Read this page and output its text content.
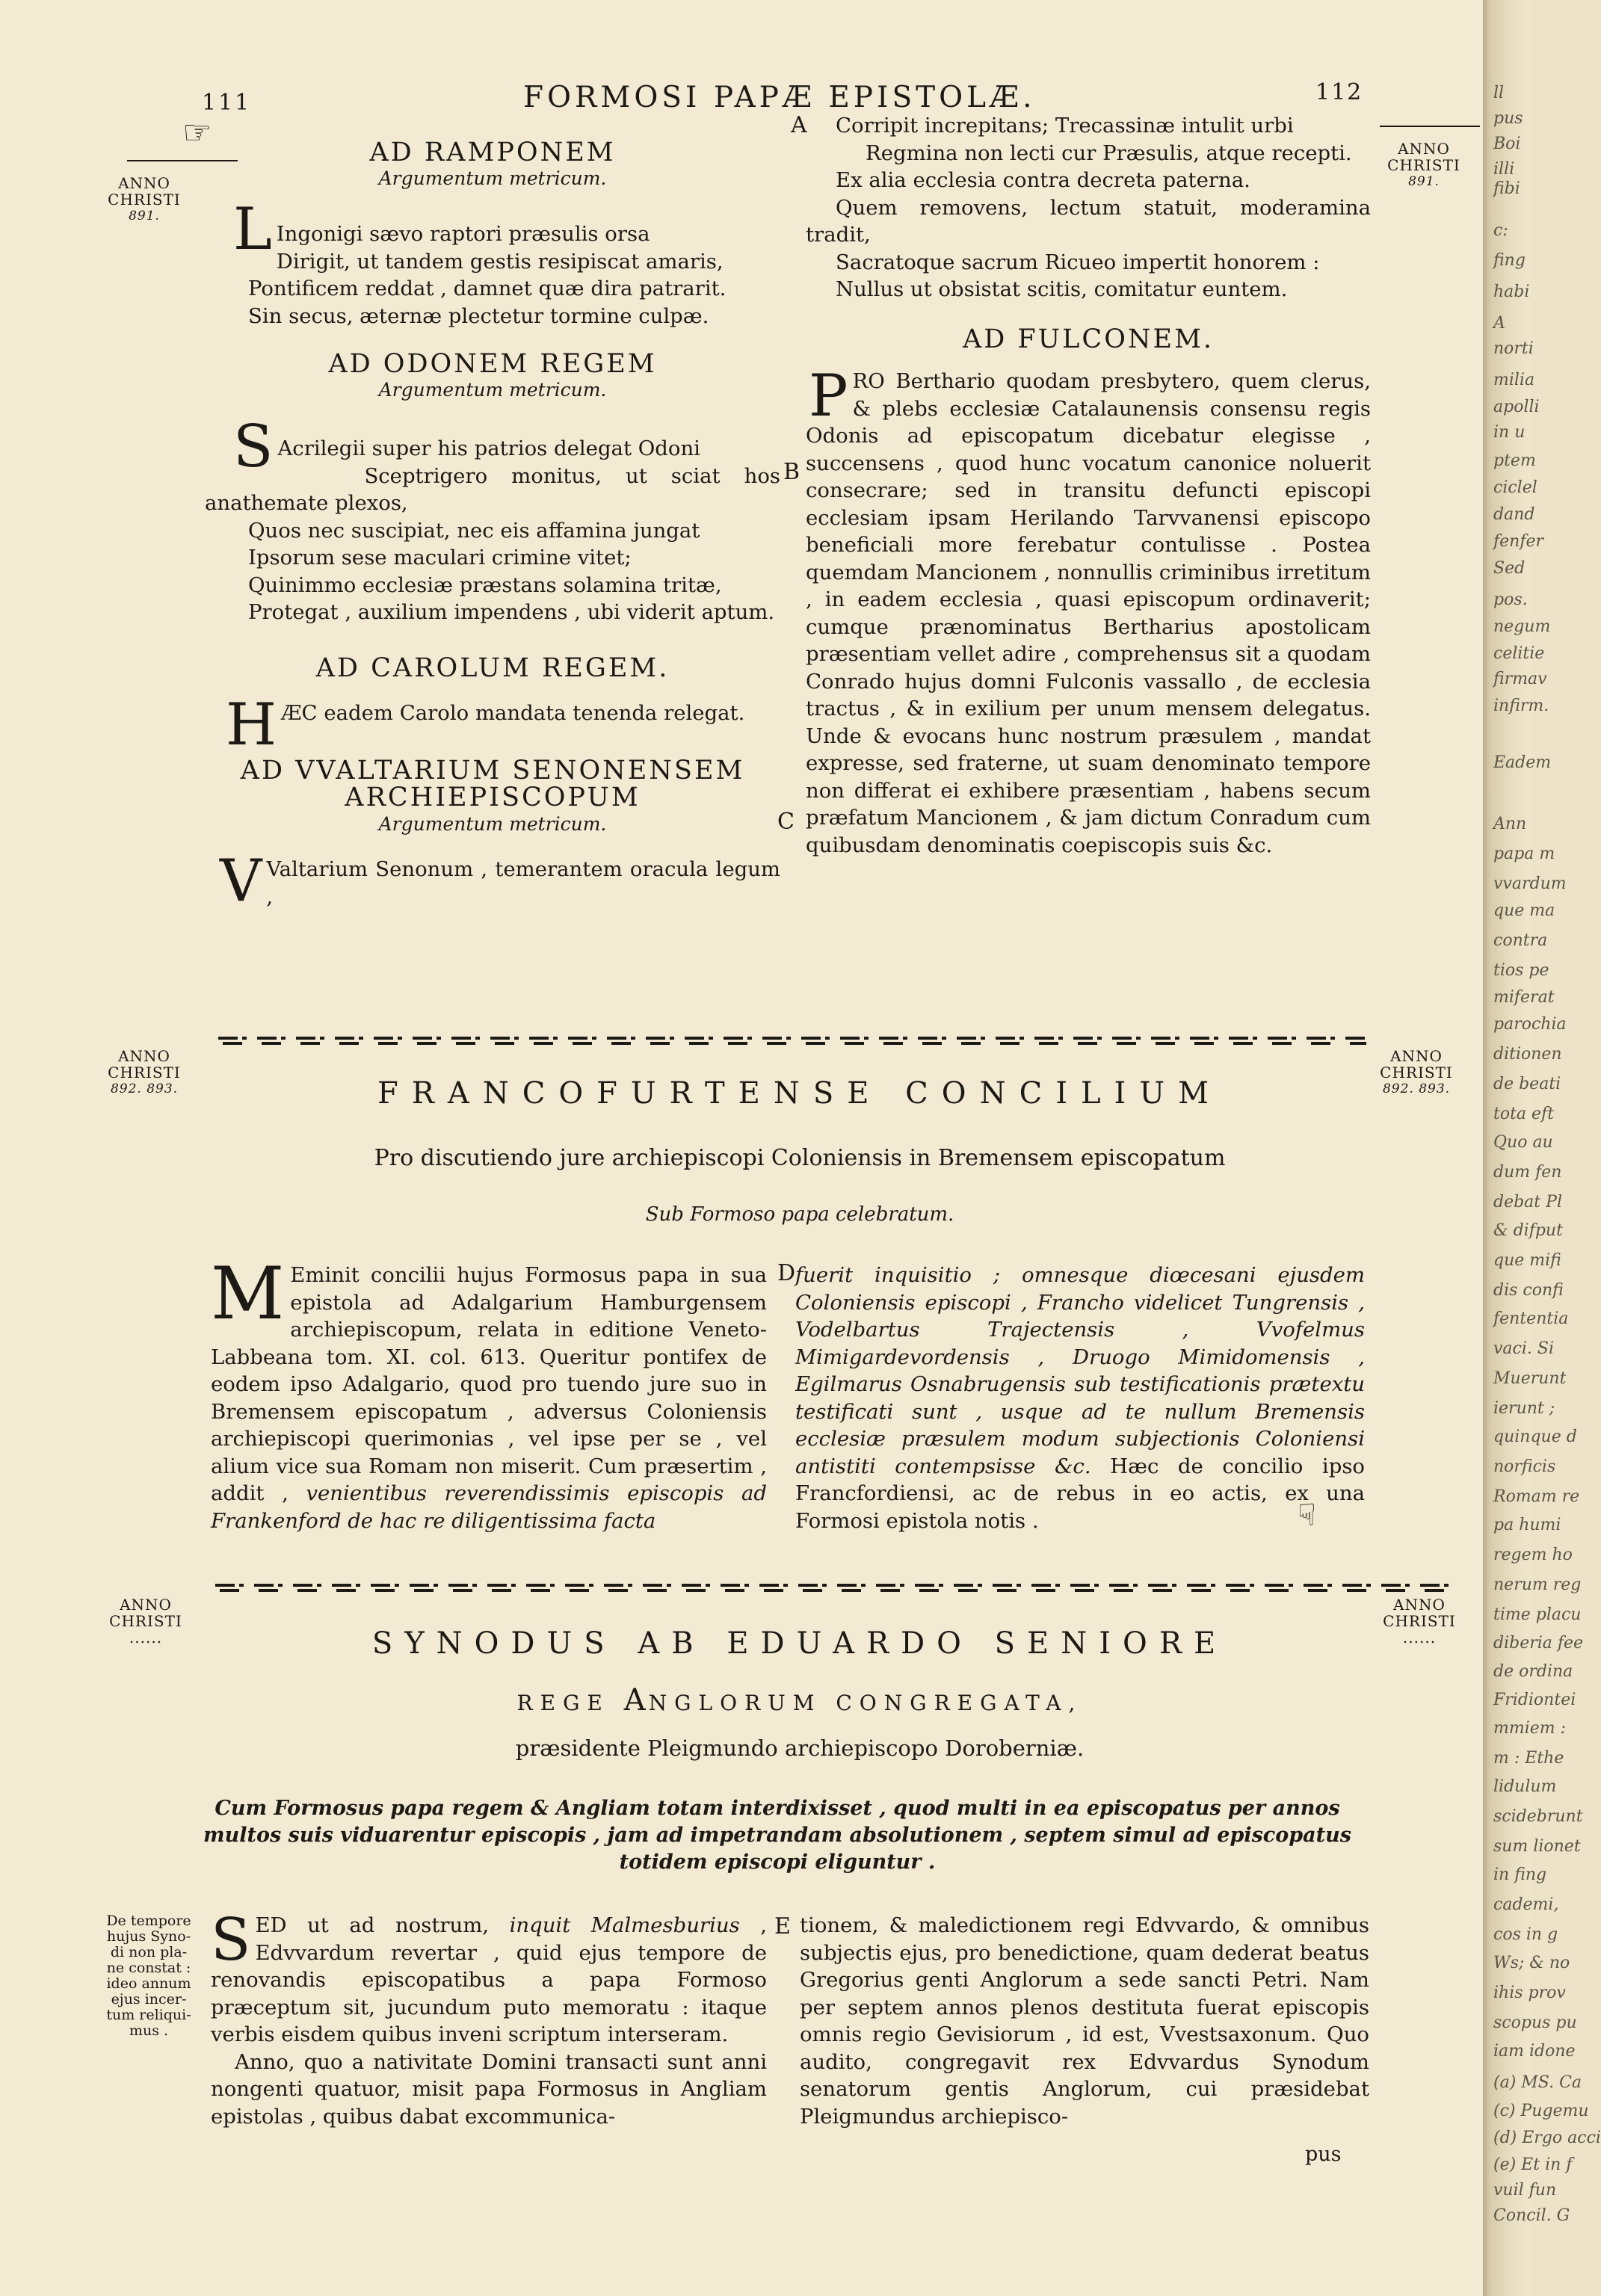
111	FORMOSI PAPÆ EPISTOLÆ.	112
☞
ANNO
CHRISTI
891.
ANNO
CHRISTI
891.
A
B
C
D
E
AD RAMPONEM
Argumentum metricum.
L Ingonigi sævo raptori præsulis orsa

Dirigit, ut tandem gestis resipiscat amaris,

Pontificem reddat , damnet quæ dira patrarit.

Sin secus, æternæ plectetur tormine culpæ.

AD ODONEM REGEM
Argumentum metricum.
S Acrilegii super his patrios delegat Odoni

Sceptrigero monitus, ut sciat hos anathemate plexos,

Quos nec suscipiat, nec eis affamina jungat

Ipsorum sese maculari crimine vitet;

Quinimmo ecclesiæ præstans solamina tritæ,

Protegat , auxilium impendens , ubi viderit aptum.

AD CAROLUM REGEM.
H ÆC eadem Carolo mandata tenenda relegat.

AD VVALTARIUM SENONENSEM
ARCHIEPISCOPUM
Argumentum metricum.
V Valtarium Senonum , temerantem oracula legum ,

Corripit increpitans; Trecassinæ intulit urbi

Regmina non lecti cur Præsulis, atque recepti.

Ex alia ecclesia contra decreta paterna.

Quem removens, lectum statuit, moderamina tradit,

Sacratoque sacrum Ricueo impertit honorem :

Nullus ut obsistat scitis, comitatur euntem.

AD FULCONEM.
P RO Berthario quodam presbytero, quem clerus, & plebs ecclesiæ Catalaunensis consensu regis Odonis ad episcopatum dicebatur elegisse , succensens , quod hunc vocatum canonice noluerit consecrare; sed in transitu defuncti episcopi ecclesiam ipsam Herilando Tarvvanensi episcopo beneficiali more ferebatur contulisse . Postea quemdam Mancionem , nonnullis criminibus irretitum , in eadem ecclesia , quasi episcopum ordinaverit; cumque prænominatus Bertharius apostolicam præsentiam vellet adire , comprehensus sit a quodam Conrado hujus domni Fulconis vassallo , de ecclesia tractus , & in exilium per unum mensem delegatus. Unde & evocans hunc nostrum præsulem , mandat expresse, sed fraterne, ut suam denominato tempore non differat ei exhibere præsentiam , habens secum præfatum Mancionem , & jam dictum Conradum cum quibusdam denominatis coepiscopis suis &c.

ANNO
CHRISTI
892. 893.
ANNO
CHRISTI
892. 893.
FRANCOFURTENSE CONCILIUM
Pro discutiendo jure archiepiscopi Coloniensis in Bremensem episcopatum
Sub Formoso papa celebratum.
M Eminit concilii hujus Formosus papa in sua epistola ad Adalgarium Hamburgensem archiepiscopum, relata in editione Veneto-Labbeana tom. XI. col. 613. Queritur pontifex de eodem ipso Adalgario, quod pro tuendo jure suo in Bremensem episcopatum , adversus Coloniensis archiepiscopi querimonias , vel ipse per se , vel alium vice sua Romam non miserit. Cum præsertim , addit , venientibus reverendissimis episcopis ad Frankenford de hac re diligentissima facta

fuerit inquisitio ; omnesque diœcesani ejusdem Coloniensis episcopi , Francho videlicet Tungrensis , Vodelbartus Trajectensis , Vvofelmus Mimigardevordensis , Druogo Mimidomensis , Egilmarus Osnabrugensis sub testificationis prætextu testificati sunt , usque ad te nullum Bremensis ecclesiæ præsulem modum subjectionis Coloniensi antistiti contempsisse &c. Hæc de concilio ipso Francfordiensi, ac de rebus in eo actis, ex una Formosi epistola notis .	☞
ANNO
CHRISTI
......
ANNO
CHRISTI
......
SYNODUS AB EDUARDO SENIORE
REGE ANGLORUM CONGREGATA,
præsidente Pleigmundo archiepiscopo Doroberniæ.
Cum Formosus papa regem & Angliam totam interdixisset , quod multi in ea episcopatus per annos multos suis viduarentur episcopis , jam ad impetrandam absolutionem , septem simul ad episcopatus totidem episcopi eliguntur .
De tempore
hujus Syno-
di non pla-
ne constat :
ideo annum
ejus incer-
tum reliqui-
mus .
S ED ut ad nostrum, inquit Malmesburius , Edvvardum revertar , quid ejus tempore de renovandis episcopatibus a papa Formoso præceptum sit, jucundum puto memoratu : itaque verbis eisdem quibus inveni scriptum interseram.

Anno, quo a nativitate Domini transacti sunt anni nongenti quatuor, misit papa Formosus in Angliam epistolas , quibus dabat excommunica-

tionem, & maledictionem regi Edvvardo, & omnibus subjectis ejus, pro benedictione, quam dederat beatus Gregorius genti Anglorum a sede sancti Petri. Nam per septem annos plenos destituta fuerat episcopis omnis regio Gevisiorum , id est, Vvestsaxonum. Quo audito, congregavit rex Edvvardus Synodum senatorum gentis Anglorum, cui præsidebat Pleigmundus archiepisco-

pus
ll
pus
Boi
illi
fibi
c:
fing
habi
A
norti
milia
apolli
in u
ptem
ciclel
dand
fenfer
Sed
pos.
negum
celitie
firmav
infirm.
Eadem
Ann
papa m
vvardum
que ma
contra
tios pe
miferat
parochia
ditionen
de beati
tota eft
Quo au
dum fen
debat Pl
& difput
que mifi
dis confi
fententia
vaci. Si
Muerunt
ierunt ;
quinque d
norficis
Romam re
pa humi
regem ho
nerum reg
time placu
diberia fee
de ordina
Fridiontei
mmiem :
m : Ethe
lidulum
scidebrunt
sum lionet
in fing
cademi,
cos in g
Ws; & no
ihis prov
scopus pu
iam idone
(a) MS. Ca
(c) Pugemu
(d) Ergo acci
(e) Et in f
vuil fun
Concil. G
